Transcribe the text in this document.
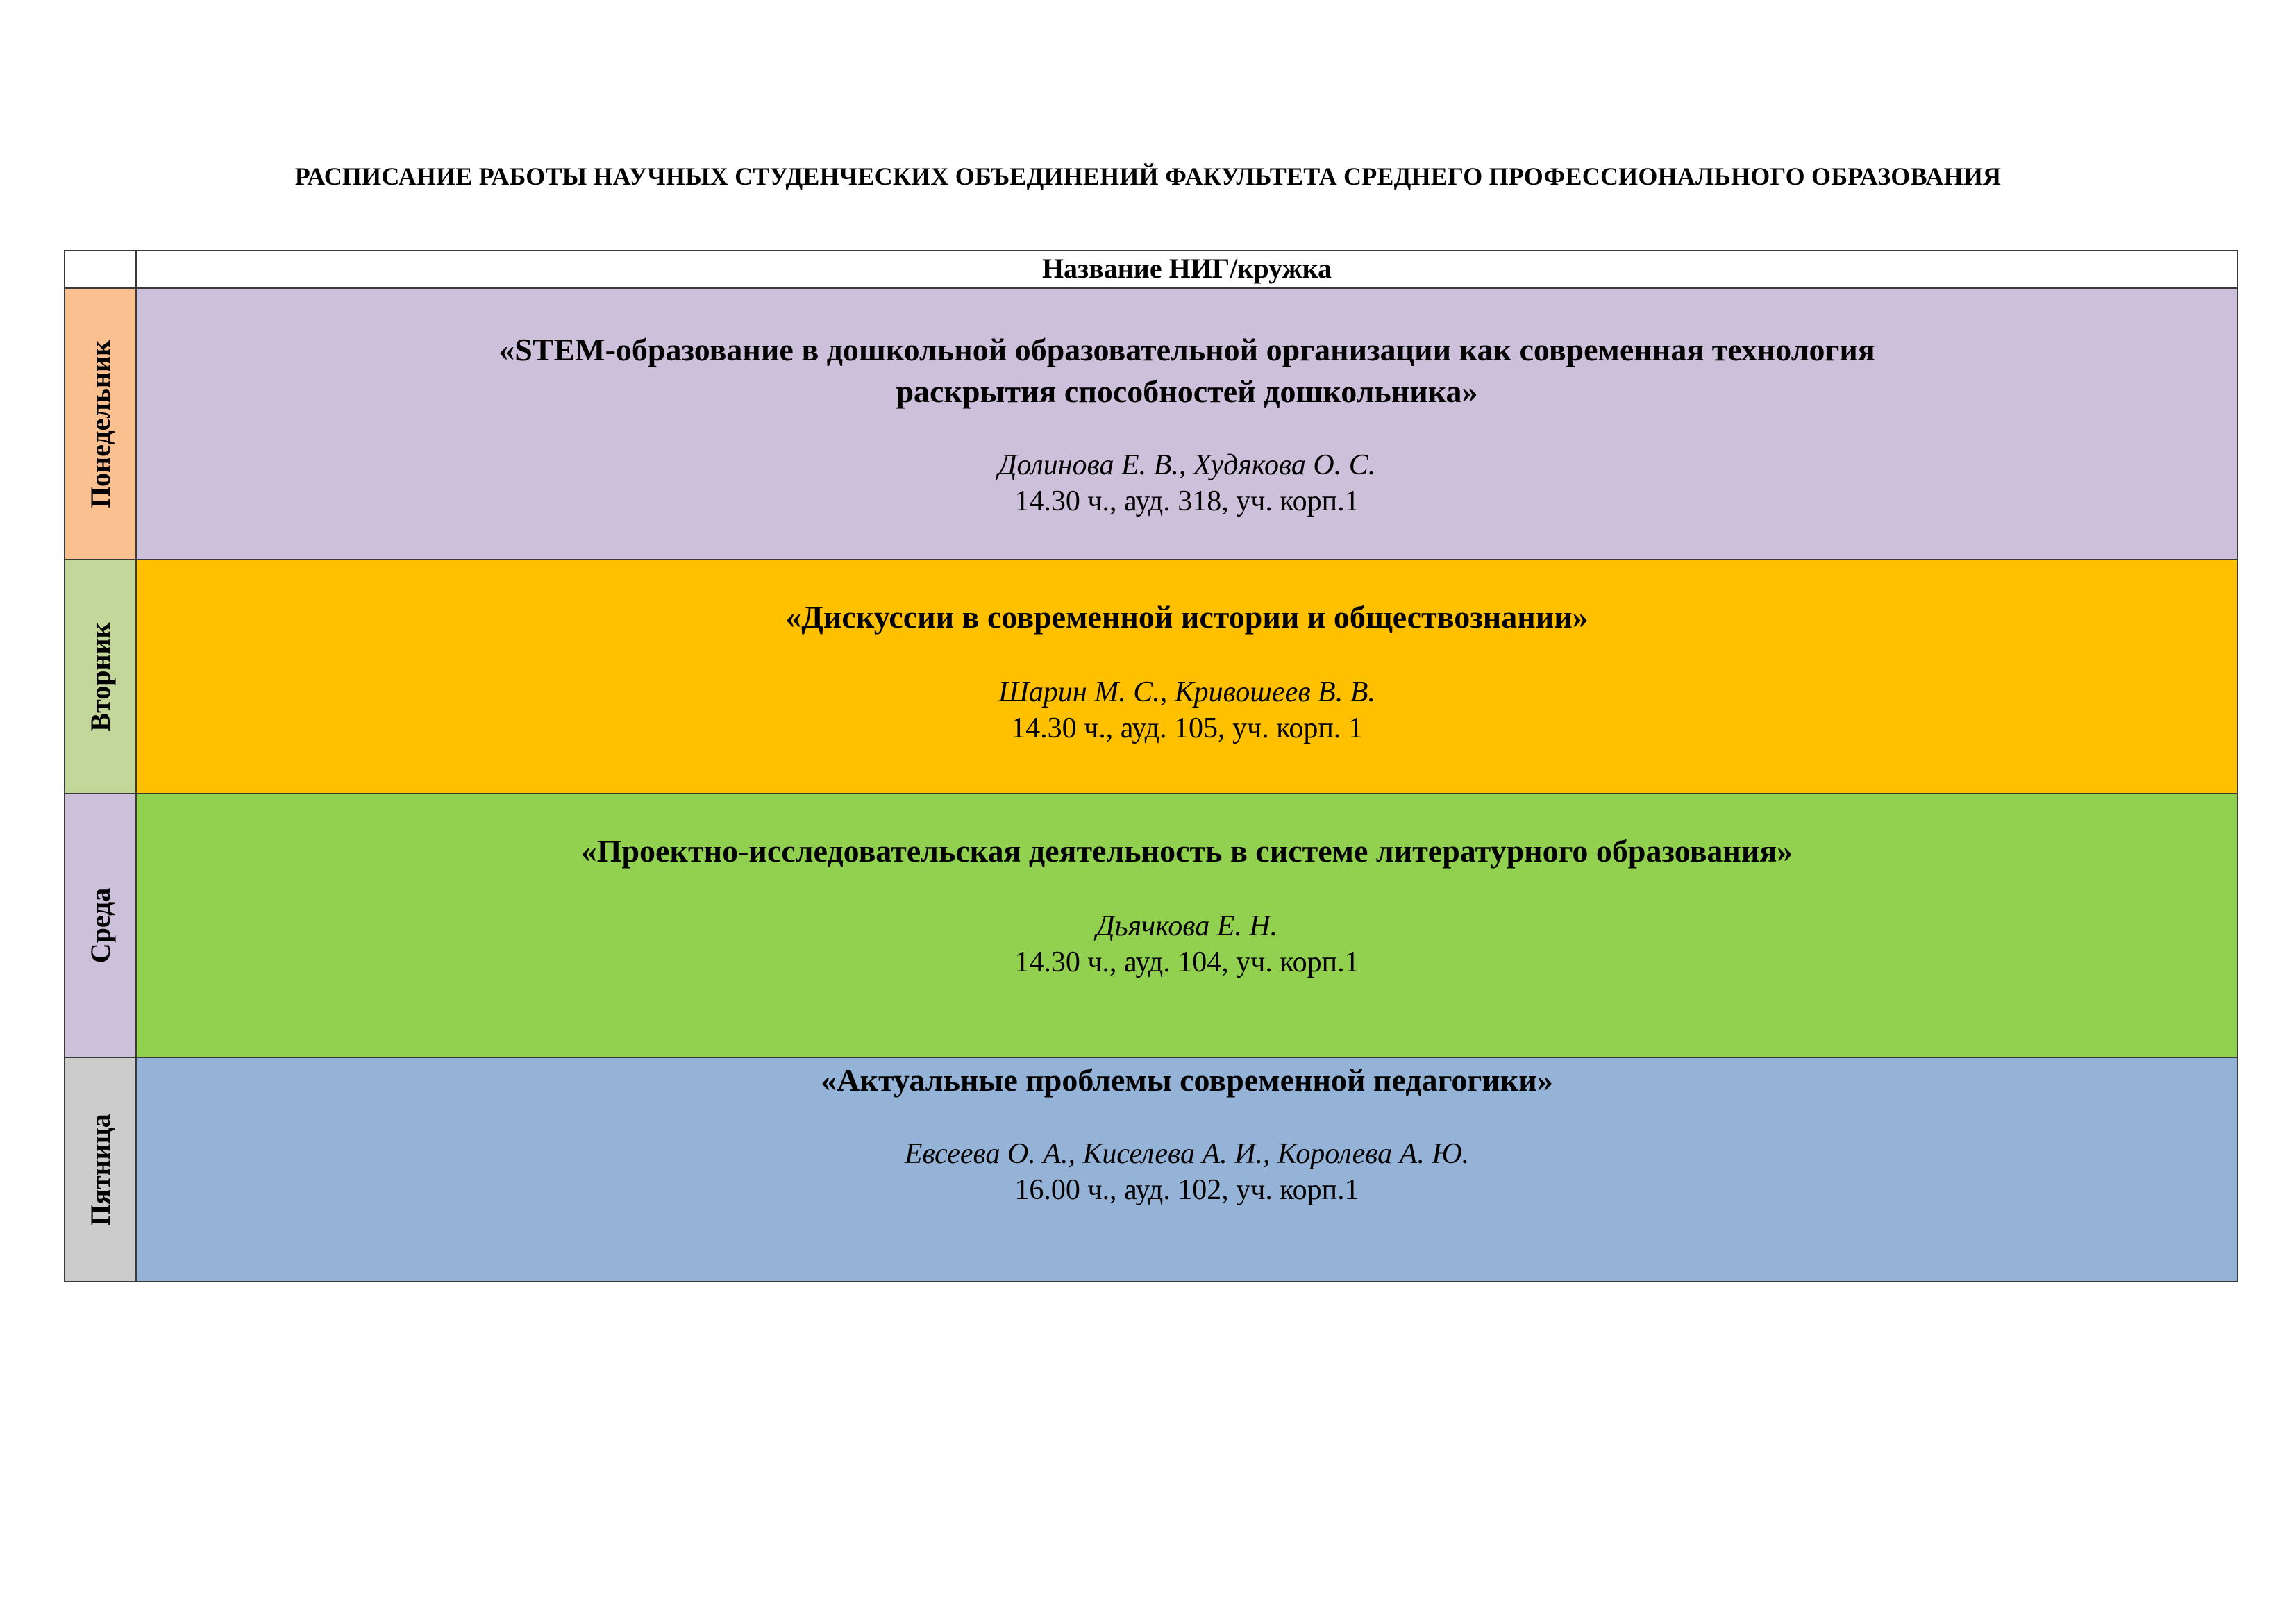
РАСПИСАНИЕ РАБОТЫ НАУЧНЫХ СТУДЕНЧЕСКИХ ОБЪЕДИНЕНИЙ ФАКУЛЬТЕТА СРЕДНЕГО ПРОФЕССИОНАЛЬНОГО ОБРАЗОВАНИЯ
Название НИГ/кружка
Понедельник	«STEM-образование в дошкольной образовательной организации как современная технология
раскрытия способностей дошкольника»
Долинова Е. В., Худякова О. С.
14.30 ч., ауд. 318, уч. корп.1
Вторник
«Дискуссии в современной истории и обществознании»
Шарин М. С., Кривошеев В. В.
14.30 ч., ауд. 105, уч. корп. 1
Среда
«Проектно-исследовательская деятельность в системе литературного образования»
Дьячкова Е. Н.
14.30 ч., ауд. 104, уч. корп.1
Пятница
«Актуальные проблемы современной педагогики»
Евсеева О. А., Киселева А. И., Королева А. Ю.
16.00 ч., ауд. 102, уч. корп.1
